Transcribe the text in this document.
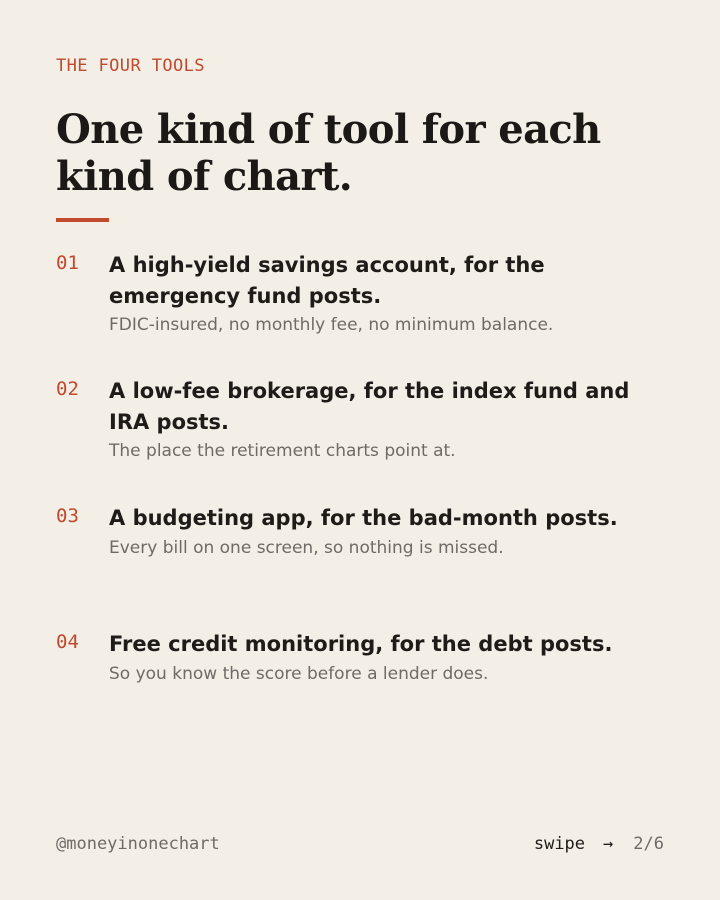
THE FOUR TOOLS
One kind of tool for each kind of chart.
01 A high-yield savings account, for the emergency fund posts.
FDIC-insured, no monthly fee, no minimum balance.
02 A low-fee brokerage, for the index fund and IRA posts.
The place the retirement charts point at.
03 A budgeting app, for the bad-month posts.
Every bill on one screen, so nothing is missed.
04 Free credit monitoring, for the debt posts.
So you know the score before a lender does.
@moneyinonechart	swipe → 2/6
